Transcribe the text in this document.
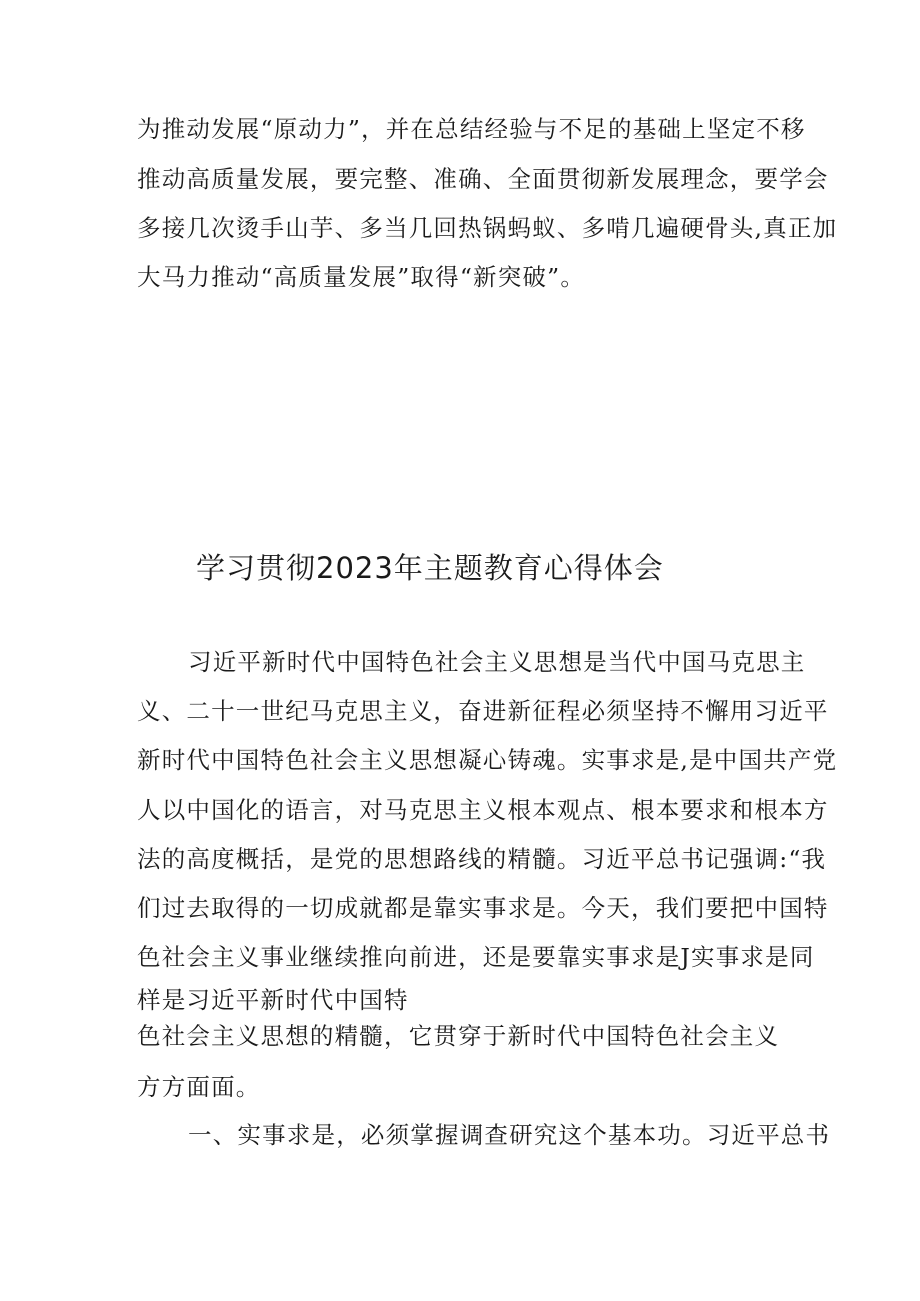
为推动发展“原动力”，并在总结经验与不足的基础上坚定不移
推动高质量发展，要完整、准确、全面贯彻新发展理念，要学会
多接几次烫手山芋、多当几回热锅蚂蚁、多啃几遍硬骨头,真正加
大马力推动“高质量发展”取得“新突破”。
学习贯彻2023年主题教育心得体会
习近平新时代中国特色社会主义思想是当代中国马克思主
义、二十一世纪马克思主义，奋进新征程必须坚持不懈用习近平
新时代中国特色社会主义思想凝心铸魂。实事求是,是中国共产党
人以中国化的语言，对马克思主义根本观点、根本要求和根本方
法的高度概括，是党的思想路线的精髓。习近平总书记强调:“我
们过去取得的一切成就都是靠实事求是。今天，我们要把中国特
色社会主义事业继续推向前进，还是要靠实事求是J实事求是同
样是习近平新时代中国特
色社会主义思想的精髓，它贯穿于新时代中国特色社会主义
方方面面。
一、实事求是，必须掌握调查研究这个基本功。习近平总书
